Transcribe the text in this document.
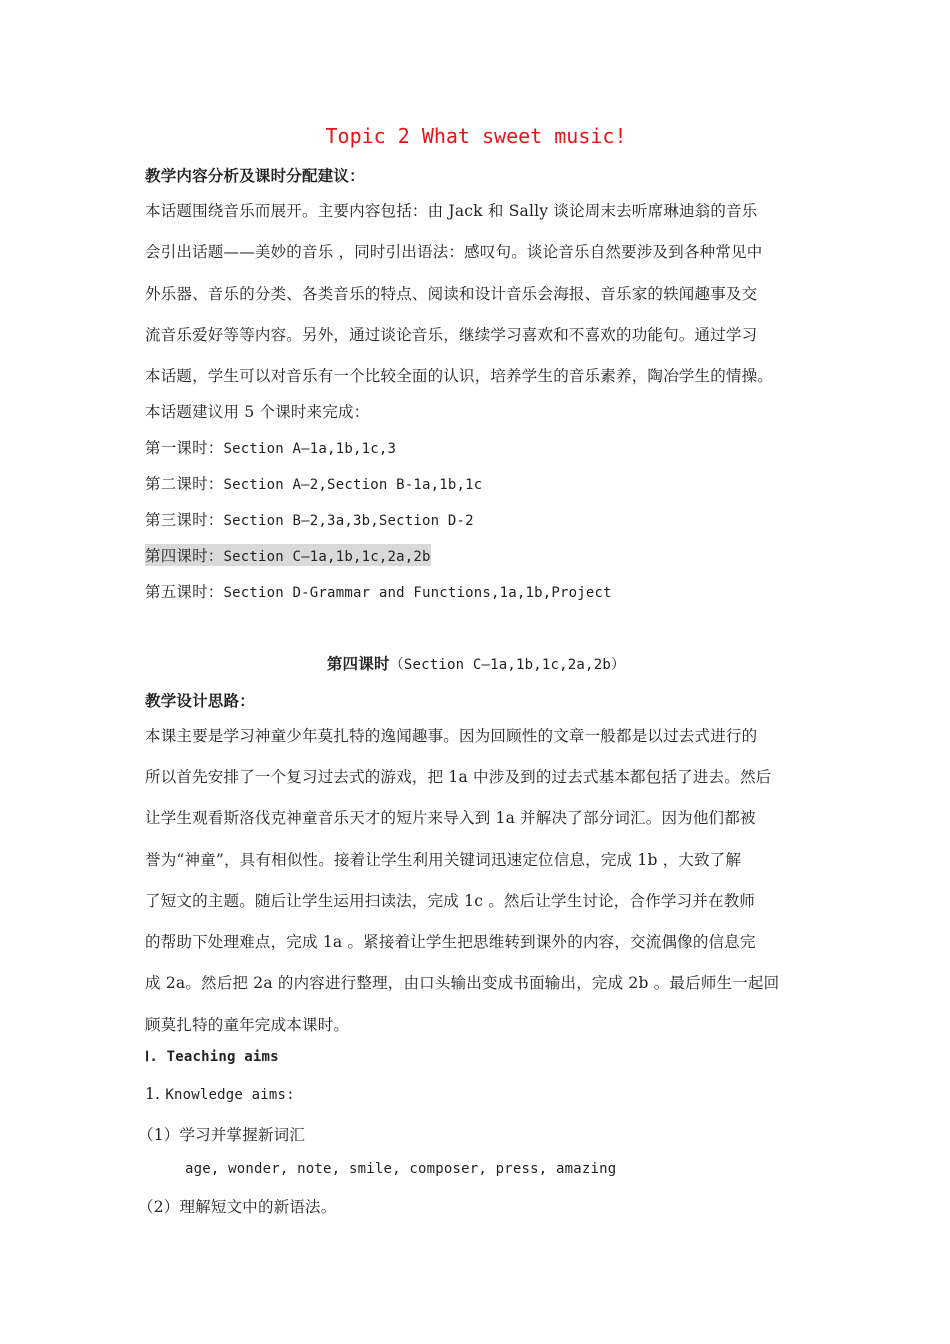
Topic 2 What sweet music!
教学内容分析及课时分配建议：
本话题围绕音乐而展开。主要内容包括：由 Jack 和 Sally 谈论周末去听席琳迪翁的音乐
会引出话题——美妙的音乐 ，同时引出语法：感叹句。谈论音乐自然要涉及到各种常见中
外乐器、音乐的分类、各类音乐的特点、阅读和设计音乐会海报、音乐家的轶闻趣事及交
流音乐爱好等等内容。另外，通过谈论音乐，继续学习喜欢和不喜欢的功能句。通过学习
本话题，学生可以对音乐有一个比较全面的认识，培养学生的音乐素养，陶冶学生的情操。
本话题建议用 5 个课时来完成：
第一课时：Section A—1a,1b,1c,3
第二课时：Section A—2,Section B-1a,1b,1c
第三课时：Section B—2,3a,3b,Section D-2
第四课时：Section C—1a,1b,1c,2a,2b
第五课时：Section D-Grammar and Functions,1a,1b,Project
第四课时（Section C—1a,1b,1c,2a,2b）
教学设计思路：
本课主要是学习神童少年莫扎特的逸闻趣事。因为回顾性的文章一般都是以过去式进行的
所以首先安排了一个复习过去式的游戏，把 1a 中涉及到的过去式基本都包括了进去。然后
让学生观看斯洛伐克神童音乐天才的短片来导入到 1a 并解决了部分词汇。因为他们都被
誉为“神童”，具有相似性。接着让学生利用关键词迅速定位信息，完成 1b ，大致了解
了短文的主题。随后让学生运用扫读法，完成 1c 。然后让学生讨论，合作学习并在教师
的帮助下处理难点，完成 1a 。紧接着让学生把思维转到课外的内容，交流偶像的信息完
成 2a。然后把 2a 的内容进行整理，由口头输出变成书面输出，完成 2b 。最后师生一起回
顾莫扎特的童年完成本课时。
Ⅰ. Teaching aims
1. Knowledge aims:
（1）学习并掌握新词汇
age, wonder, note, smile, composer, press, amazing
（2）理解短文中的新语法。
